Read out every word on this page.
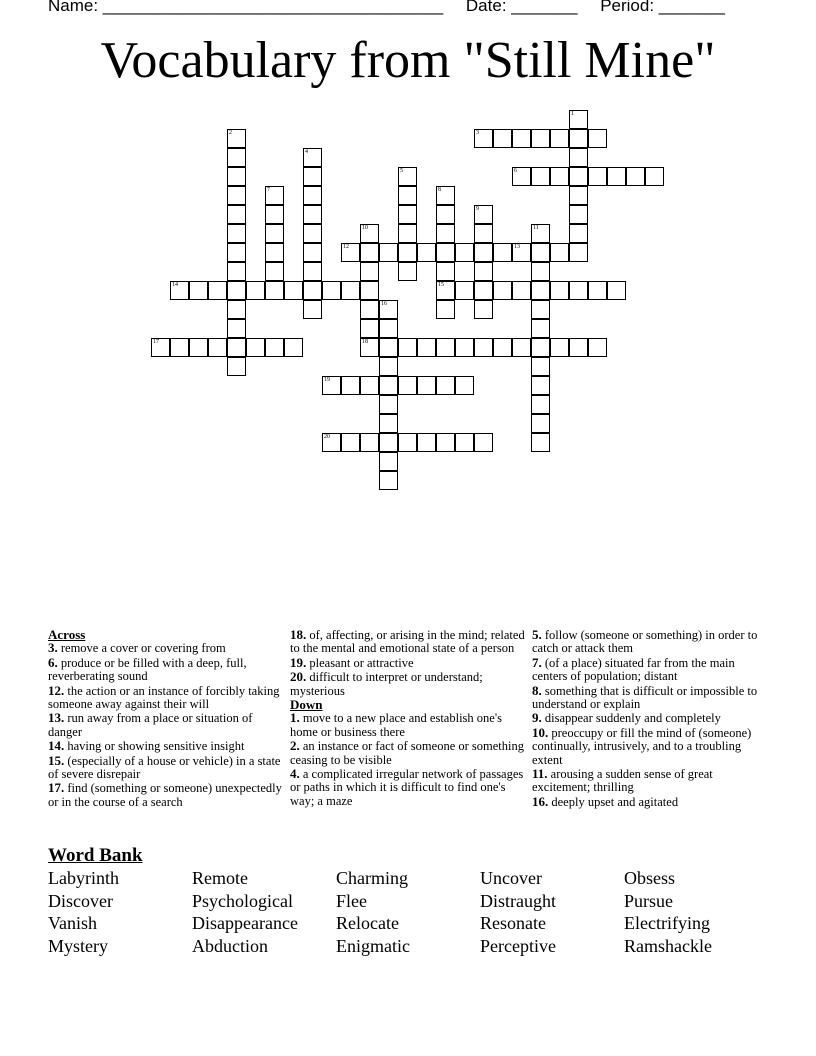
Name: ____________________________________ Date: _______ Period: _______
Vocabulary from "Still Mine"
1
2	3
4
5	6
7	8
15
9
10	11
12	13
14
16
17	18
19
20
Across
3. remove a cover or covering from
6. produce or be filled with a deep, full, reverberating sound
12. the action or an instance of forcibly taking someone away against their will
13. run away from a place or situation of danger
14. having or showing sensitive insight
15. (especially of a house or vehicle) in a state of severe disrepair
17. find (something or someone) unexpectedly or in the course of a search
18. of, affecting, or arising in the mind; related to the mental and emotional state of a person
19. pleasant or attractive
20. difficult to interpret or understand; mysterious
Down
1. move to a new place and establish one's home or business there
2. an instance or fact of someone or something ceasing to be visible
4. a complicated irregular network of passages or paths in which it is difficult to find one's way; a maze
5. follow (someone or something) in order to catch or attack them
7. (of a place) situated far from the main centers of population; distant
8. something that is difficult or impossible to understand or explain
9. disappear suddenly and completely
10. preoccupy or fill the mind of (someone) continually, intrusively, and to a troubling extent
11. arousing a sudden sense of great excitement; thrilling
16. deeply upset and agitated
Word Bank
Labyrinth	Remote	Charming	Uncover	Obsess
Discover	Psychological	Flee	Distraught	Pursue
Vanish	Disappearance	Relocate	Resonate	Electrifying
Mystery	Abduction	Enigmatic	Perceptive	Ramshackle
